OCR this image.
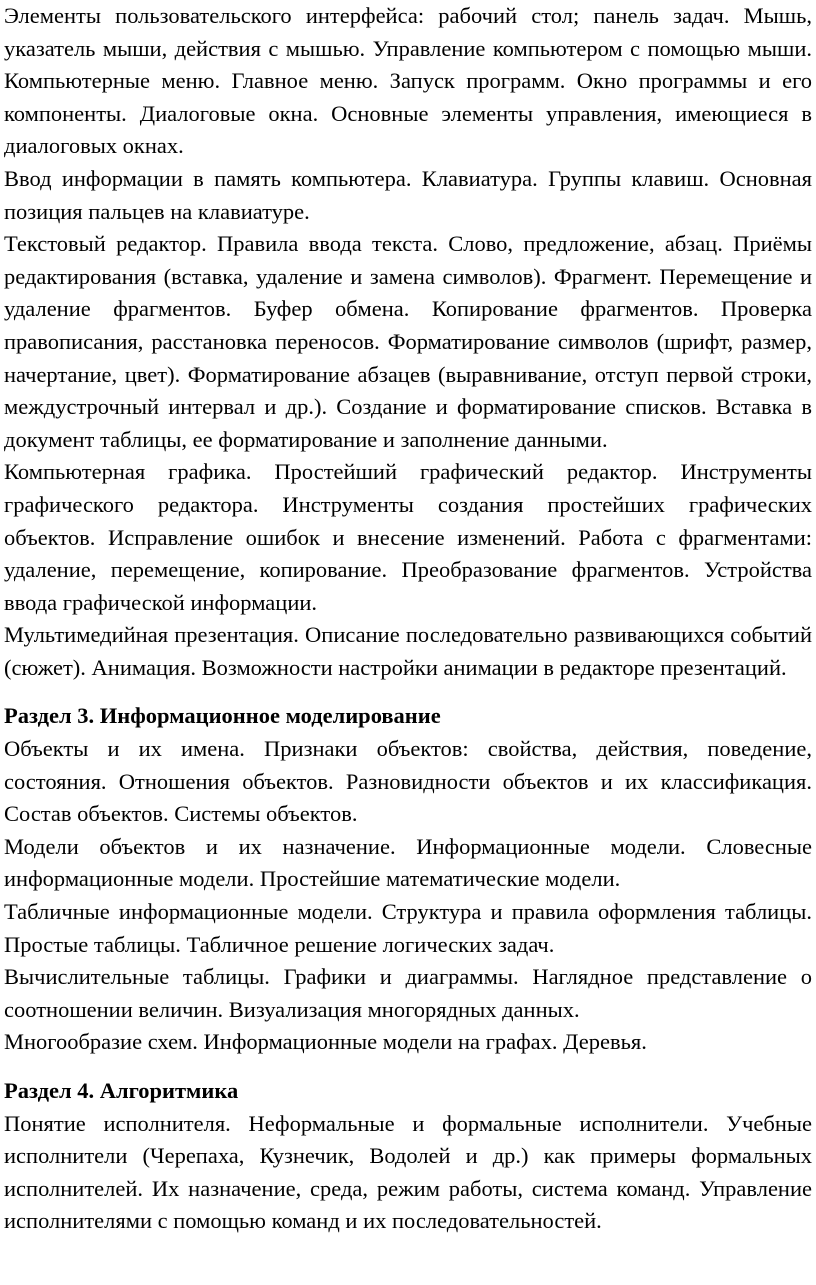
Элементы пользовательского интерфейса: рабочий стол; панель задач. Мышь, указатель мыши, действия с мышью. Управление компьютером с помощью мыши. Компьютерные меню. Главное меню. Запуск программ. Окно программы и его компоненты. Диалоговые окна. Основные элементы управления, имеющиеся в диалоговых окнах.

Ввод информации в память компьютера. Клавиатура. Группы клавиш. Основная позиция пальцев на клавиатуре.

Текстовый редактор. Правила ввода текста. Слово, предложение, абзац. Приёмы редактирования (вставка, удаление и замена символов). Фрагмент. Перемещение и удаление фрагментов. Буфер обмена. Копирование фрагментов. Проверка правописания, расстановка переносов. Форматирование символов (шрифт, размер, начертание, цвет). Форматирование абзацев (выравнивание, отступ первой строки, междустрочный интервал и др.). Создание и форматирование списков. Вставка в документ таблицы, ее форматирование и заполнение данными.

Компьютерная графика. Простейший графический редактор. Инструменты графического редактора. Инструменты создания простейших графических объектов. Исправление ошибок и внесение изменений. Работа с фрагментами: удаление, перемещение, копирование. Преобразование фрагментов. Устройства ввода графической информации.

Мультимедийная презентация. Описание последовательно развивающихся событий (сюжет). Анимация. Возможности настройки анимации в редакторе презентаций.

Раздел 3. Информационное моделирование

Объекты и их имена. Признаки объектов: свойства, действия, поведение, состояния. Отношения объектов. Разновидности объектов и их классификация. Состав объектов. Системы объектов.

Модели объектов и их назначение. Информационные модели. Словесные информационные модели. Простейшие математические модели.

Табличные информационные модели. Структура и правила оформления таблицы. Простые таблицы. Табличное решение логических задач.

Вычислительные таблицы. Графики и диаграммы. Наглядное представление о соотношении величин. Визуализация многорядных данных.

Многообразие схем. Информационные модели на графах. Деревья.

Раздел 4. Алгоритмика

Понятие исполнителя. Неформальные и формальные исполнители. Учебные исполнители (Черепаха, Кузнечик, Водолей и др.) как примеры формальных исполнителей. Их назначение, среда, режим работы, система команд. Управление исполнителями с помощью команд и их последовательностей.
